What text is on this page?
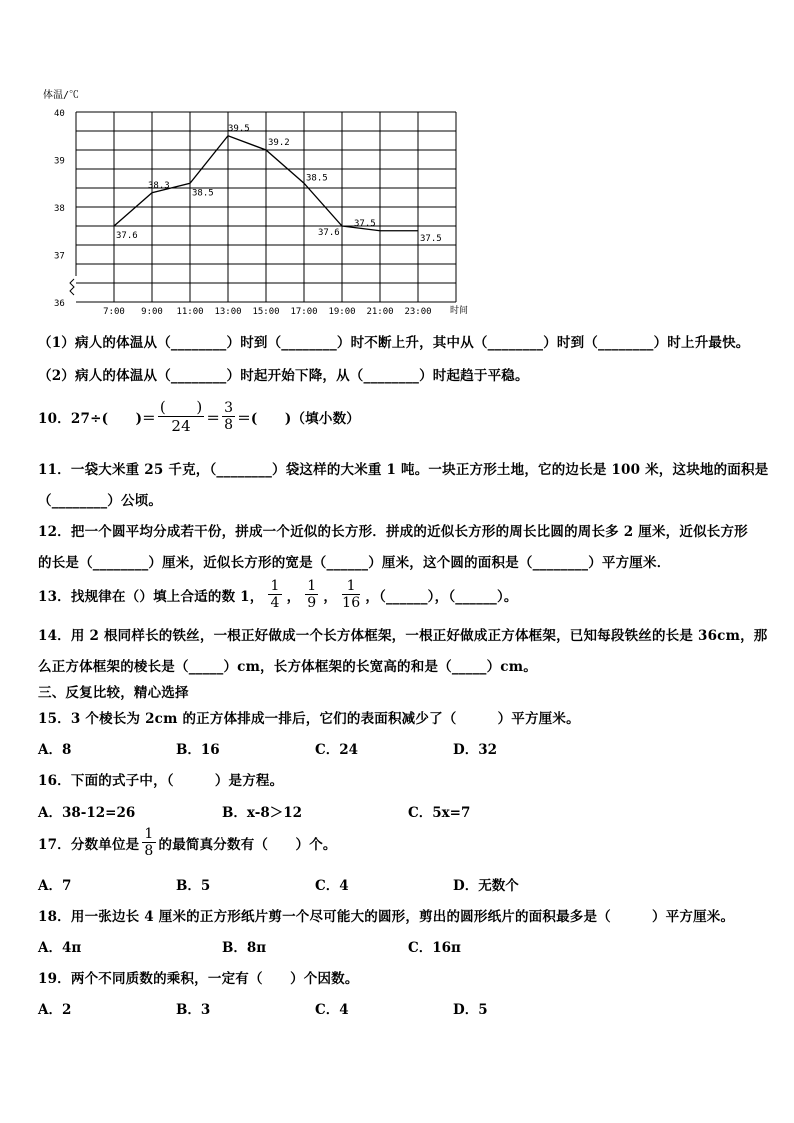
体温/℃
40
39
38
37
36
7:00 9:00 11:00 13:00 15:00 17:00 19:00 21:00 23:00
37.6
38.3
38.5
39.5
39.2
38.5
37.6
37.5
37.5
时间
（1）病人的体温从（________）时到（________）时不断上升，其中从（________）时到（________）时上升最快。
（2）病人的体温从（________）时起开始下降，从（________）时起趋于平稳。
10．27÷(　　)＝ $\frac{( )}{24} = \frac{3}{8}$ ＝(　　)（填小数）
11．一袋大米重 25 千克，（________）袋这样的大米重 1 吨。一块正方形土地，它的边长是 100 米，这块地的面积是
（________）公顷。
12．把一个圆平均分成若干份，拼成一个近似的长方形．拼成的近似长方形的周长比圆的周长多 2 厘米，近似长方形
的长是（________）厘米，近似长方形的宽是（______）厘米，这个圆的面积是（________）平方厘米．
13．找规律在（）填上合适的数 1， $\frac{1}{4}$ ， $\frac{1}{9}$ ， $\frac{1}{16}$ ，（______），（______）。
14．用 2 根同样长的铁丝，一根正好做成一个长方体框架，一根正好做成正方体框架，已知每段铁丝的长是 36cm，那
么正方体框架的棱长是（_____）cm，长方体框架的长宽高的和是（_____）cm。
三、反复比较，精心选择
15．3 个棱长为 2cm 的正方体排成一排后，它们的表面积减少了（　　　）平方厘米。
A．8	B．16	C．24	D．32
16．下面的式子中，（　　　）是方程。
A．38-12=26	B．x-8＞12	C．5x=7
17．分数单位是 $\frac{1}{8}$ 的最简真分数有（　　）个。
A．7	B．5	C．4	D．无数个
18．用一张边长 4 厘米的正方形纸片剪一个尽可能大的圆形，剪出的圆形纸片的面积最多是（　　　）平方厘米。
A．4π	B．8π	C．16π
19．两个不同质数的乘积，一定有（　　）个因数。
A．2	B．3	C．4	D．5
